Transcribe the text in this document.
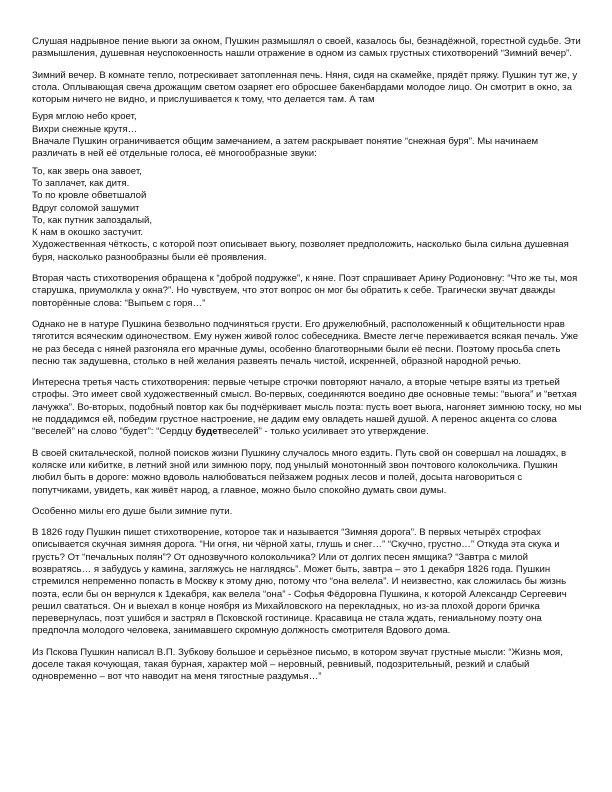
Слушая надрывное пение вьюги за окном, Пушкин размышлял о своей, казалось бы, безнадёжной, горестной судьбе. Эти размышления, душевная неуспокоенность нашли отражение в одном из самых грустных стихотворений “Зимний вечер”.

Зимний вечер. В комнате тепло, потрескивает затопленная печь. Няня, сидя на скамейке, прядёт пряжу. Пушкин тут же, у стола. Оплывающая свеча дрожащим светом озаряет его обросшее бакенбардами молодое лицо. Он смотрит в окно, за которым ничего не видно, и прислушивается к тому, что делается там. А там

Буря мглою небо кроет,
Вихри снежные крутя…

Вначале Пушкин ограничивается общим замечанием, а затем раскрывает понятие “снежная буря”. Мы начинаем различать в ней её отдельные голоса, её многообразные звуки:

То, как зверь она завоет,
То заплачет, как дитя.
То по кровле обветшалой
Вдруг соломой зашумит
То, как путник запоздалый,
К нам в окошко застучит.

Художественная чёткость, с которой поэт описывает вьюгу, позволяет предположить, насколько была сильна душевная буря, насколько разнообразны были её проявления.

Вторая часть стихотворения обращена к “доброй подружке”, к няне. Поэт спрашивает Арину Родионовну: “Что же ты, моя старушка, приумолкла у окна?”. Но чувствуем, что этот вопрос он мог бы обратить к себе. Трагически звучат дважды повторённые слова: “Выпьем с горя…”

Однако не в натуре Пушкина безвольно подчиняться грусти. Его дружелюбный, расположенный к общительности нрав тяготится всяческим одиночеством. Ему нужен живой голос собеседника. Вместе легче переживается всякая печаль. Уже не раз беседа с няней разгоняла его мрачные думы, особенно благотворными были её песни. Поэтому просьба спеть песню так задушевна, столько в ней желания развеять печаль чистой, искренней, образной народной речью.

Интересна третья часть стихотворения: первые четыре строчки повторяют начало, а вторые четыре взяты из третьей строфы. Это имеет свой художественный смысл. Во-первых, соединяются воедино две основные темы: “вьюга” и “ветхая лачужка”. Во-вторых, подобный повтор как бы подчёркивает мысль поэта: пусть воет вьюга, нагоняет зимнюю тоску, но мы не поддадимся ей, победим грустное настроение, не дадим ему овладеть нашей душой. А перенос акцента со слова “веселей” на слово “будет”: “Сердцу будетвеселей” - только усиливает это утверждение.

В своей скитальческой, полной поисков жизни Пушкину случалось много ездить. Путь свой он совершал на лошадях, в коляске или кибитке, в летний зной или зимнюю пору, под унылый монотонный звон почтового колокольчика. Пушкин любил быть в дороге: можно вдоволь налюбоваться пейзажем родных лесов и полей, досыта наговориться с попутчиками, увидеть, как живёт народ, а главное, можно было спокойно думать свои думы.

Особенно милы его душе были зимние пути.

В 1826 году Пушкин пишет стихотворение, которое так и называется “Зимняя дорога”. В первых четырёх строфах описывается скучная зимняя дорога. “Ни огня, ни чёрной хаты, глушь и снег…” “Скучно, грустно…” Откуда эта скука и грусть? От “печальных полян”? От однозвучного колокольчика? Или от долгих песен ямщика? “Завтра с милой возвратясь… я забудусь у камина, загляжусь не наглядясь”. Может быть, завтра – это 1 декабря 1826 года. Пушкин стремился непременно попасть в Москву к этому дню, потому что “она велела”. И неизвестно, как сложилась бы жизнь поэта, если бы он вернулся к 1декабря, как велела “она” - Софья Фёдоровна Пушкина, к которой Александр Сергеевич решил свататься. Он и выехал в конце ноября из Михайловского на перекладных, но из-за плохой дороги бричка перевернулась, поэт ушибся и застрял в Псковской гостинице. Красавица не стала ждать, гениальному поэту она предпочла молодого человека, занимавшего скромную должность смотрителя Вдового дома.

Из Пскова Пушкин написал В.П. Зубкову большое и серьёзное письмо, в котором звучат грустные мысли: “Жизнь моя, доселе такая кочующая, такая бурная, характер мой – неровный, ревнивый, подозрительный, резкий и слабый одновременно – вот что наводит на меня тягостные раздумья…”
